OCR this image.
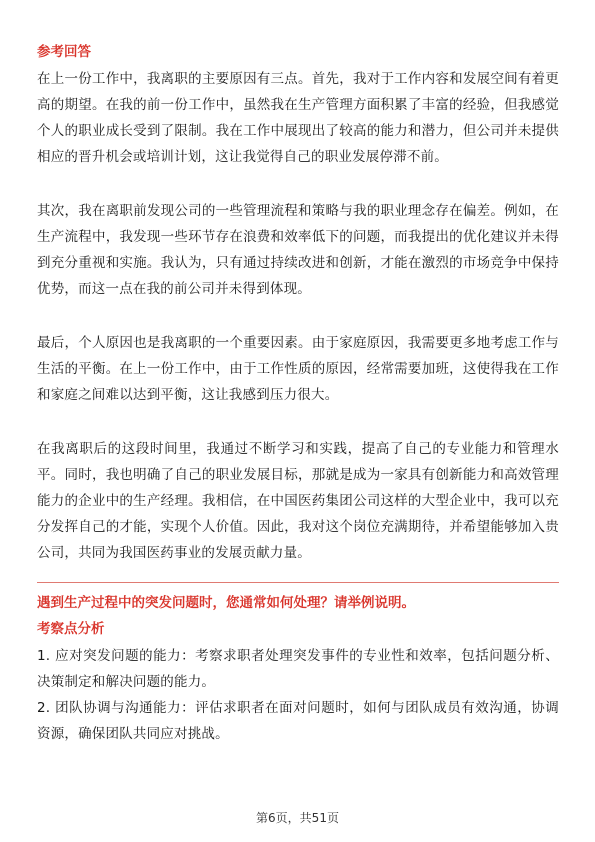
参考回答

在上一份工作中，我离职的主要原因有三点。首先，我对于工作内容和发展空间有着更高的期望。在我的前一份工作中，虽然我在生产管理方面积累了丰富的经验，但我感觉个人的职业成长受到了限制。我在工作中展现出了较高的能力和潜力，但公司并未提供相应的晋升机会或培训计划，这让我觉得自己的职业发展停滞不前。

其次，我在离职前发现公司的一些管理流程和策略与我的职业理念存在偏差。例如，在生产流程中，我发现一些环节存在浪费和效率低下的问题，而我提出的优化建议并未得到充分重视和实施。我认为，只有通过持续改进和创新，才能在激烈的市场竞争中保持优势，而这一点在我的前公司并未得到体现。

最后，个人原因也是我离职的一个重要因素。由于家庭原因，我需要更多地考虑工作与生活的平衡。在上一份工作中，由于工作性质的原因，经常需要加班，这使得我在工作和家庭之间难以达到平衡，这让我感到压力很大。

在我离职后的这段时间里，我通过不断学习和实践，提高了自己的专业能力和管理水平。同时，我也明确了自己的职业发展目标，那就是成为一家具有创新能力和高效管理能力的企业中的生产经理。我相信，在中国医药集团公司这样的大型企业中，我可以充分发挥自己的才能，实现个人价值。因此，我对这个岗位充满期待，并希望能够加入贵公司，共同为我国医药事业的发展贡献力量。

遇到生产过程中的突发问题时，您通常如何处理？请举例说明。
考察点分析

1. 应对突发问题的能力：考察求职者处理突发事件的专业性和效率，包括问题分析、决策制定和解决问题的能力。

2. 团队协调与沟通能力：评估求职者在面对问题时，如何与团队成员有效沟通，协调资源，确保团队共同应对挑战。

第6页，共51页
